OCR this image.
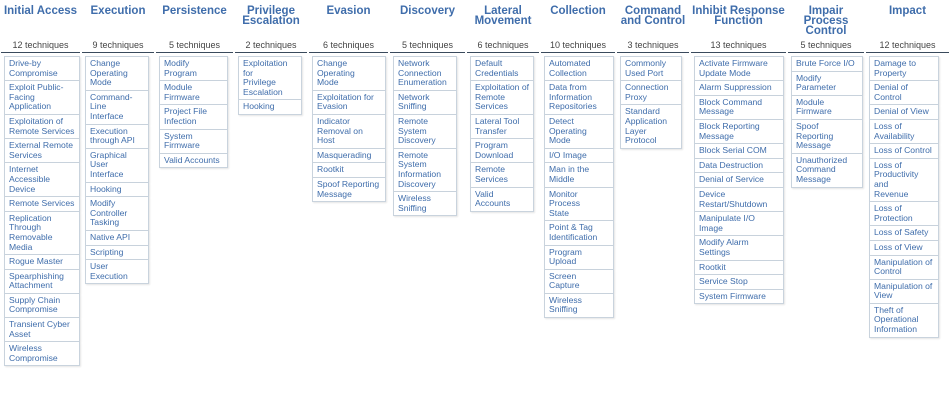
Initial Access
12 techniques
Drive-by
Compromise
Exploit Public-
Facing
Application
Exploitation of
Remote Services
External Remote
Services
Internet
Accessible
Device
Remote Services
Replication
Through
Removable Media
Rogue Master
Spearphishing
Attachment
Supply Chain
Compromise
Transient Cyber
Asset
Wireless
Compromise
Execution
9 techniques
Change
Operating
Mode
Command-Line
Interface
Execution
through API
Graphical User
Interface
Hooking
Modify
Controller
Tasking
Native API
Scripting
User Execution
Persistence
5 techniques
Modify Program
Module
Firmware
Project File
Infection
System
Firmware
Valid Accounts
Privilege
Escalation
2 techniques
Exploitation for
Privilege
Escalation
Hooking
Evasion
6 techniques
Change Operating
Mode
Exploitation for
Evasion
Indicator
Removal on Host
Masquerading
Rootkit
Spoof Reporting
Message
Discovery
5 techniques
Network
Connection
Enumeration
Network
Sniffing
Remote System
Discovery
Remote System
Information
Discovery
Wireless
Sniffing
Lateral
Movement
6 techniques
Default
Credentials
Exploitation of
Remote
Services
Lateral Tool
Transfer
Program
Download
Remote
Services
Valid Accounts
Collection
10 techniques
Automated
Collection
Data from
Information
Repositories
Detect
Operating Mode
I/O Image
Man in the
Middle
Monitor Process
State
Point & Tag
Identification
Program Upload
Screen Capture
Wireless Sniffing
Command
and Control
3 techniques
Commonly
Used Port
Connection
Proxy
Standard
Application
Layer Protocol
Inhibit Response
Function
13 techniques
Activate Firmware
Update Mode
Alarm Suppression
Block Command
Message
Block Reporting
Message
Block Serial COM
Data Destruction
Denial of Service
Device
Restart/Shutdown
Manipulate I/O Image
Modify Alarm
Settings
Rootkit
Service Stop
System Firmware
Impair
Process
Control
5 techniques
Brute Force I/O
Modify
Parameter
Module
Firmware
Spoof Reporting
Message
Unauthorized
Command
Message
Impact
12 techniques
Damage to
Property
Denial of Control
Denial of View
Loss of
Availability
Loss of Control
Loss of
Productivity and
Revenue
Loss of
Protection
Loss of Safety
Loss of View
Manipulation of
Control
Manipulation of
View
Theft of
Operational
Information
